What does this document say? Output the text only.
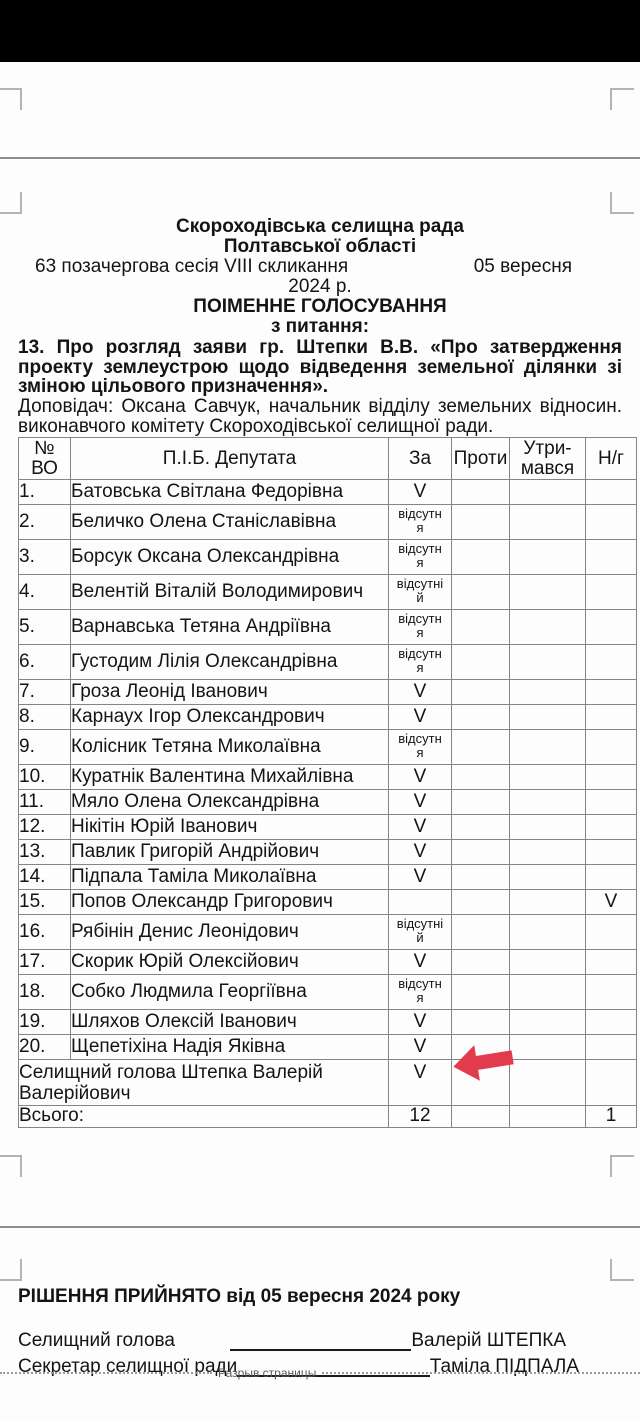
Скороходівська селищна рада
Полтавської області
63 позачергова сесія VIII скликання	05 вересня
2024 р.
ПОІМЕННЕ ГОЛОСУВАННЯ
з питання:
13. Про розгляд заяви гр. Штепки В.В. «Про затвердження проекту землеустрою щодо відведення земельної ділянки зі зміною цільового призначення».
Доповідач: Оксана Савчук, начальник відділу земельних відносин. виконавчого комітету Скороходівської селищної ради.
№ ВО	П.І.Б. Депутата	За	Проти	Утри-мався	Н/г
1.	Батовська Світлана Федорівна	V			
2.	Беличко Олена Станіславівна	відсутня			
3.	Борсук Оксана Олександрівна	відсутня			
4.	Велентій Віталій Володимирович	відсутній			
5.	Варнавська Тетяна Андріївна	відсутня			
6.	Густодим Лілія Олександрівна	відсутня			
7.	Гроза Леонід Іванович	V			
8.	Карнаух Ігор Олександрович	V			
9.	Колісник Тетяна Миколаївна	відсутня			
10.	Куратнік Валентина Михайлівна	V			
11.	Мяло Олена Олександрівна	V			
12.	Нікітін Юрій Іванович	V			
13.	Павлик Григорій Андрійович	V			
14.	Підпала Таміла Миколаївна	V			
15.	Попов Олександр Григорович				V
16.	Рябінін Денис Леонідович	відсутній			
17.	Скорик Юрій Олексійович	V			
18.	Собко Людмила Георгіївна	відсутня			
19.	Шляхов Олексій Іванович	V			
20.	Щепетіхіна Надія Яківна	V			
Селищний голова Штепка Валерій Валерійович		V			
Всього:		12			1
РІШЕННЯ ПРИЙНЯТО від 05 вересня 2024 року
Селищний голова	Валерій ШТЕПКА
Секретар селищної ради	Таміла ПІДПАЛА
Разрыв страницы
